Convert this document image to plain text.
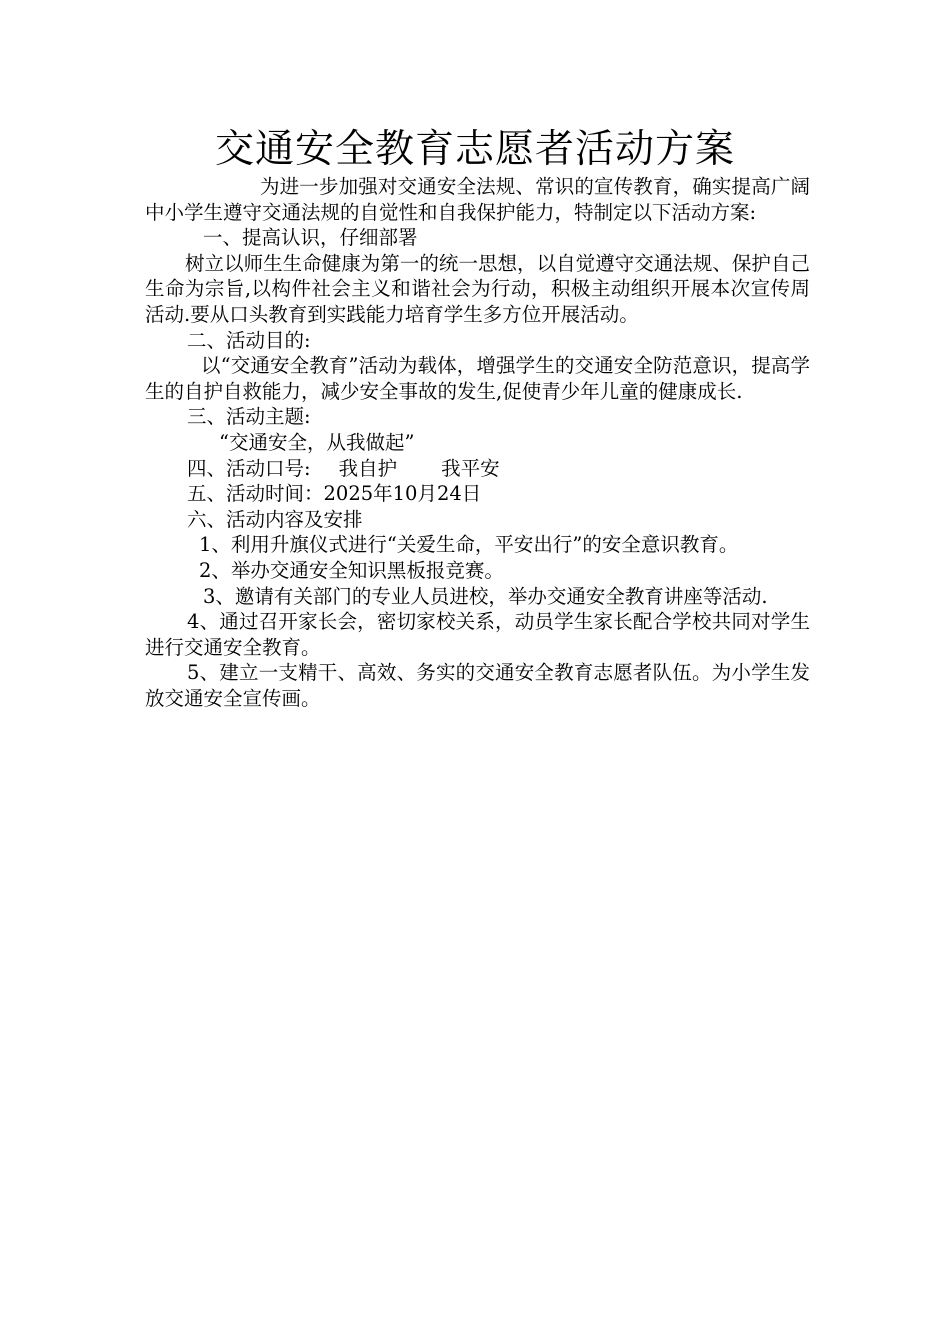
交通安全教育志愿者活动方案

为进一步加强对交通安全法规、常识的宣传教育，确实提高广阔中小学生遵守交通法规的自觉性和自我保护能力，特制定以下活动方案:

一、提高认识，仔细部署

树立以师生生命健康为第一的统一思想，以自觉遵守交通法规、保护自己生命为宗旨,以构件社会主义和谐社会为行动，积极主动组织开展本次宣传周活动.要从口头教育到实践能力培育学生多方位开展活动。

二、活动目的:

以“交通安全教育”活动为载体，增强学生的交通安全防范意识，提高学生的自护自救能力，减少安全事故的发生,促使青少年儿童的健康成长.

三、活动主题:

“交通安全，从我做起”

四、活动口号: 我自护 我平安

五、活动时间：2025年10月24日

六、活动内容及安排

1、利用升旗仪式进行“关爱生命，平安出行”的安全意识教育。

2、举办交通安全知识黑板报竞赛。

3、邀请有关部门的专业人员进校，举办交通安全教育讲座等活动.

4、通过召开家长会，密切家校关系，动员学生家长配合学校共同对学生进行交通安全教育。

5、建立一支精干、高效、务实的交通安全教育志愿者队伍。为小学生发放交通安全宣传画。
